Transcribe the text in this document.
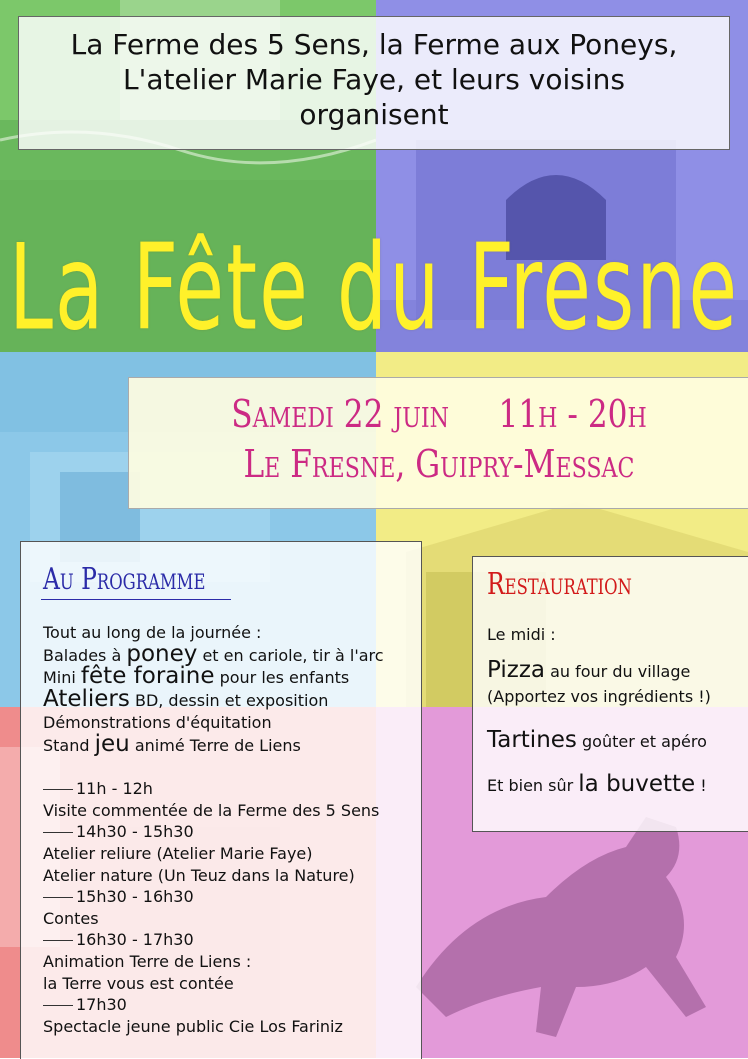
La Ferme des 5 Sens, la Ferme aux Poneys,
L'atelier Marie Faye, et leurs voisins
organisent
La Fête du Fresne
Samedi 22 juin     11h - 20h
Le Fresne, Guipry-Messac
Au Programme
Tout au long de la journée :
Balades à poney et en cariole, tir à l'arc
Mini fête foraine pour les enfants
Ateliers BD, dessin et exposition
Démonstrations d'équitation
Stand jeu animé Terre de Liens
11h - 12h
Visite commentée de la Ferme des 5 Sens
14h30 - 15h30
Atelier reliure (Atelier Marie Faye)
Atelier nature (Un Teuz dans la Nature)
15h30 - 16h30
Contes
16h30 - 17h30
Animation Terre de Liens :
la Terre vous est contée
17h30
Spectacle jeune public Cie Los Fariniz
Restauration
Le midi :
Pizza au four du village
(Apportez vos ingrédients !)
Tartines goûter et apéro
Et bien sûr la buvette !
